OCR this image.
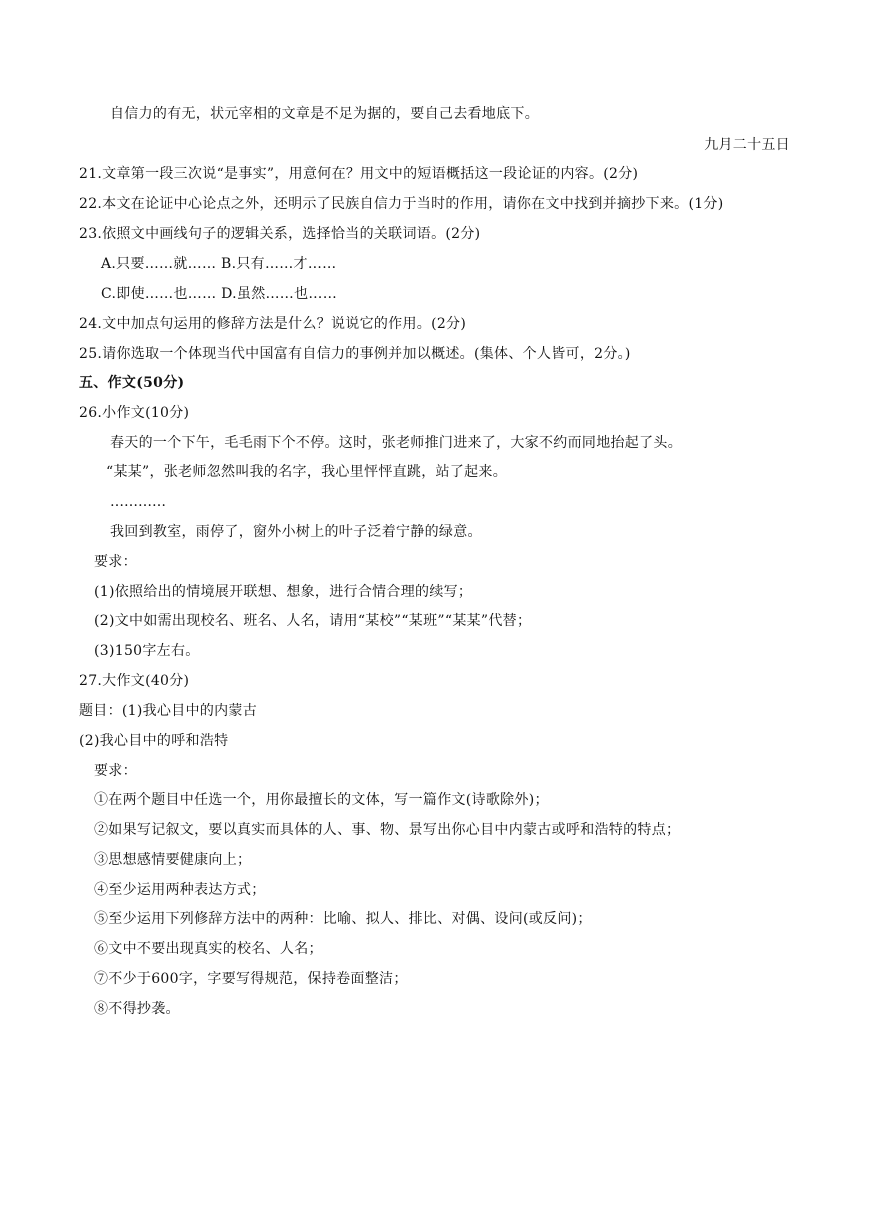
自信力的有无，状元宰相的文章是不足为据的，要自己去看地底下。
九月二十五日
21.文章第一段三次说“是事实”，用意何在？用文中的短语概括这一段论证的内容。(2分)
22.本文在论证中心论点之外，还明示了民族自信力于当时的作用，请你在文中找到并摘抄下来。(1分)
23.依照文中画线句子的逻辑关系，选择恰当的关联词语。(2分)
A.只要……就…… B.只有……才……
C.即使……也…… D.虽然……也……
24.文中加点句运用的修辞方法是什么？说说它的作用。(2分)
25.请你选取一个体现当代中国富有自信力的事例并加以概述。(集体、个人皆可，2分。)
五、作文(50分)
26.小作文(10分)
春天的一个下午，毛毛雨下个不停。这时，张老师推门进来了，大家不约而同地抬起了头。
“某某”，张老师忽然叫我的名字，我心里怦怦直跳，站了起来。
…………
我回到教室，雨停了，窗外小树上的叶子泛着宁静的绿意。
要求：
(1)依照给出的情境展开联想、想象，进行合情合理的续写；
(2)文中如需出现校名、班名、人名，请用“某校”“某班”“某某”代替；
(3)150字左右。
27.大作文(40分)
题目：(1)我心目中的内蒙古
(2)我心目中的呼和浩特
要求：
①在两个题目中任选一个，用你最擅长的文体，写一篇作文(诗歌除外)；
②如果写记叙文，要以真实而具体的人、事、物、景写出你心目中内蒙古或呼和浩特的特点；
③思想感情要健康向上；
④至少运用两种表达方式；
⑤至少运用下列修辞方法中的两种：比喻、拟人、排比、对偶、设问(或反问)；
⑥文中不要出现真实的校名、人名；
⑦不少于600字，字要写得规范，保持卷面整洁；
⑧不得抄袭。
